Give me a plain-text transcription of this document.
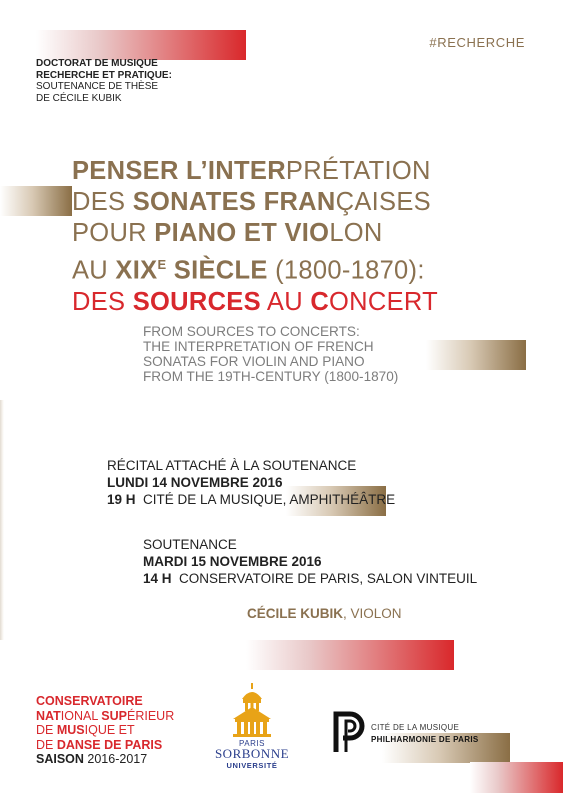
#RECHERCHE
DOCTORAT DE MUSIQUE
RECHERCHE ET PRATIQUE:
SOUTENANCE DE THÈSE
DE CÉCILE KUBIK
PENSER L’INTERPRÉTATION
DES SONATES FRANÇAISES
POUR PIANO ET VIOLON
AU $XIX^E$ SIÈCLE (1800-1870):
DES SOURCES AU CONCERT
FROM SOURCES TO CONCERTS:
THE INTERPRETATION OF FRENCH
SONATAS FOR VIOLIN AND PIANO
FROM THE 19TH-CENTURY (1800-1870)
RÉCITAL ATTACHÉ À LA SOUTENANCE
LUNDI 14 NOVEMBRE 2016
19 H CITÉ DE LA MUSIQUE, AMPHITHÉÂTRE
SOUTENANCE
MARDI 15 NOVEMBRE 2016
14 H CONSERVATOIRE DE PARIS, SALON VINTEUIL
CÉCILE KUBIK, VIOLON
CONSERVATOIRE
NATIONAL SUPÉRIEUR
DE MUSIQUE ET
DE DANSE DE PARIS
SAISON 2016-2017
PARIS
SORBONNE
UNIVERSITÉ
CITÉ DE LA MUSIQUE
PHILHARMONIE DE PARIS
